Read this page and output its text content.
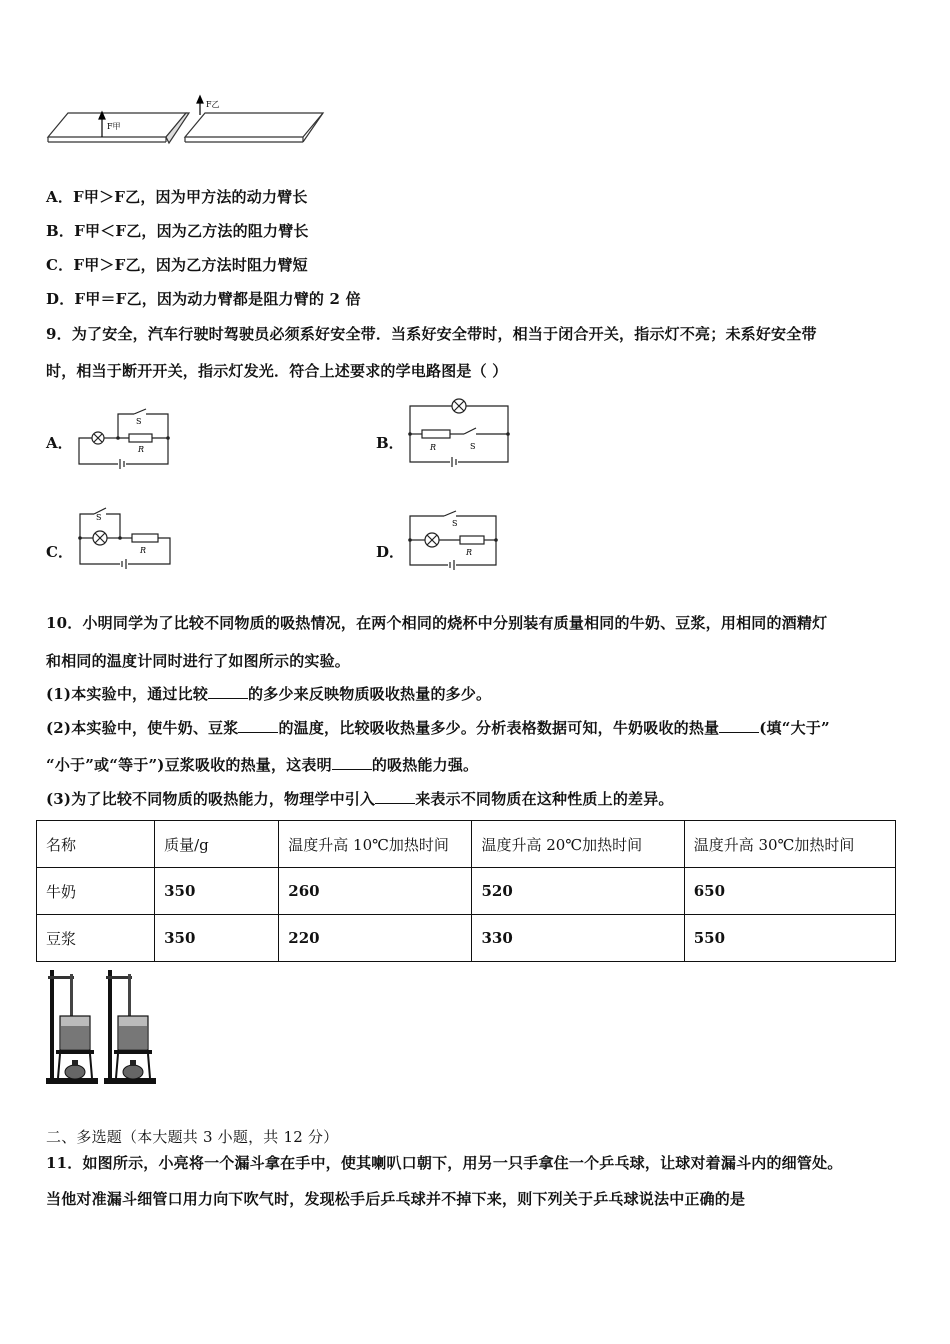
F甲
F乙
A．F甲＞F乙，因为甲方法的动力臂长
B．F甲＜F乙，因为乙方法的阻力臂长
C．F甲＞F乙，因为乙方法时阻力臂短
D．F甲＝F乙，因为动力臂都是阻力臂的 2 倍
9．为了安全，汽车行驶时驾驶员必须系好安全带．当系好安全带时，相当于闭合开关，指示灯不亮；未系好安全带
时，相当于断开开关，指示灯发光．符合上述要求的学电路图是（ ）
A．	B．
C．	D．
S
R	R	S
S
R
S
R
10．小明同学为了比较不同物质的吸热情况，在两个相同的烧杯中分别装有质量相同的牛奶、豆浆，用相同的酒精灯
和相同的温度计同时进行了如图所示的实验。
(1)本实验中，通过比较	的多少来反映物质吸收热量的多少。
(2)本实验中，使牛奶、豆浆	的温度，比较吸收热量多少。分析表格数据可知，牛奶吸收的热量	(填“大于”
“小于”或“等于”)豆浆吸收的热量，这表明	的吸热能力强。
(3)为了比较不同物质的吸热能力，物理学中引入	来表示不同物质在这种性质上的差异。
名称	质量/g	温度升高 10℃加热时间	温度升高 20℃加热时间	温度升高 30℃加热时间
牛奶	350	260	520	650
豆浆	350	220	330	550
二、多选题（本大题共 3 小题，共 12 分）
11．如图所示，小亮将一个漏斗拿在手中，使其喇叭口朝下，用另一只手拿住一个乒乓球，让球对着漏斗内的细管处。
当他对准漏斗细管口用力向下吹气时，发现松手后乒乓球并不掉下来，则下列关于乒乓球说法中正确的是
